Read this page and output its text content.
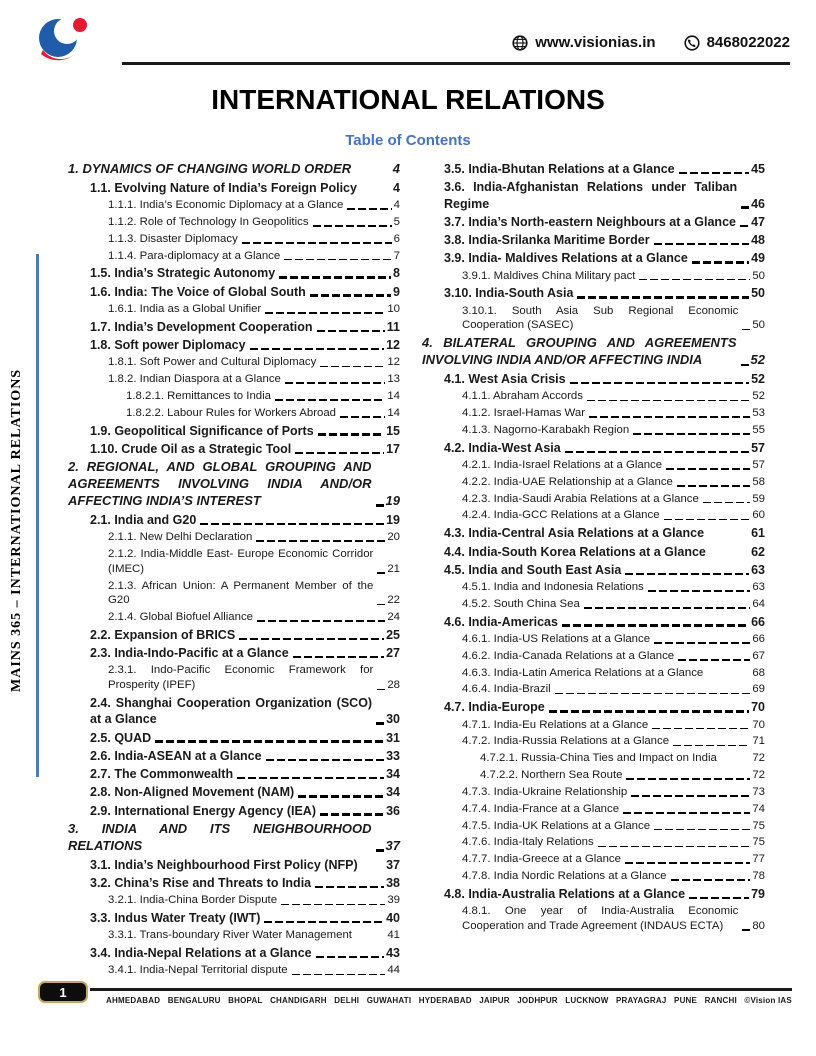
www.visionias.in	8468022022
INTERNATIONAL RELATIONS
Table of Contents
MAINS 365 – INTERNATIONAL RELATIONS
1. DYNAMICS OF CHANGING WORLD ORDER	4
1.1. Evolving Nature of India’s Foreign Policy	4
1.1.1. India’s Economic Diplomacy at a Glance	4
1.1.2. Role of Technology In Geopolitics	5
1.1.3. Disaster Diplomacy	6
1.1.4. Para-diplomacy at a Glance	7
1.5. India’s Strategic Autonomy	8
1.6. India: The Voice of Global South	9
1.6.1. India as a Global Unifier	10
1.7. India’s Development Cooperation	11
1.8. Soft power Diplomacy	12
1.8.1. Soft Power and Cultural Diplomacy	12
1.8.2. Indian Diaspora at a Glance	13
1.8.2.1. Remittances to India	14
1.8.2.2. Labour Rules for Workers Abroad	14
1.9. Geopolitical Significance of Ports	15
1.10. Crude Oil as a Strategic Tool	17
2. REGIONAL, AND GLOBAL GROUPING AND AGREEMENTS INVOLVING INDIA AND/OR AFFECTING INDIA’S INTEREST	19
2.1. India and G20	19
2.1.1. New Delhi Declaration	20
2.1.2. India-Middle East- Europe Economic Corridor (IMEC)	21
2.1.3. African Union: A Permanent Member of the G20	22
2.1.4. Global Biofuel Alliance	24
2.2. Expansion of BRICS	25
2.3. India-Indo-Pacific at a Glance	27
2.3.1. Indo-Pacific Economic Framework for Prosperity (IPEF)	28
2.4. Shanghai Cooperation Organization (SCO) at a Glance	30
2.5. QUAD	31
2.6. India-ASEAN at a Glance	33
2.7. The Commonwealth	34
2.8. Non-Aligned Movement (NAM)	34
2.9. International Energy Agency (IEA)	36
3. INDIA AND ITS NEIGHBOURHOOD RELATIONS	37
3.1. India’s Neighbourhood First Policy (NFP) 37
3.2. China’s Rise and Threats to India	38
3.2.1. India-China Border Dispute	39
3.3. Indus Water Treaty (IWT)	40
3.3.1. Trans-boundary River Water Management	41
3.4. India-Nepal Relations at a Glance	43
3.4.1. India-Nepal Territorial dispute	44
3.5. India-Bhutan Relations at a Glance	45
3.6. India-Afghanistan Relations under Taliban Regime	46
3.7. India’s North-eastern Neighbours at a Glance 47
3.8. India-Srilanka Maritime Border	48
3.9. India- Maldives Relations at a Glance	49
3.9.1. Maldives China Military pact	50
3.10. India-South Asia	50
3.10.1. South Asia Sub Regional Economic Cooperation (SASEC)	50
4. BILATERAL GROUPING AND AGREEMENTS INVOLVING INDIA AND/OR AFFECTING INDIA	52
4.1. West Asia Crisis	52
4.1.1. Abraham Accords	52
4.1.2. Israel-Hamas War	53
4.1.3. Nagorno-Karabakh Region	55
4.2. India-West Asia	57
4.2.1. India-Israel Relations at a Glance	57
4.2.2. India-UAE Relationship at a Glance	58
4.2.3. India-Saudi Arabia Relations at a Glance	59
4.2.4. India-GCC Relations at a Glance	60
4.3. India-Central Asia Relations at a Glance	61
4.4. India-South Korea Relations at a Glance	62
4.5. India and South East Asia	63
4.5.1. India and Indonesia Relations	63
4.5.2. South China Sea	64
4.6. India-Americas	66
4.6.1. India-US Relations at a Glance	66
4.6.2. India-Canada Relations at a Glance	67
4.6.3. India-Latin America Relations at a Glance	68
4.6.4. India-Brazil	69
4.7. India-Europe	70
4.7.1. India-Eu Relations at a Glance	70
4.7.2. India-Russia Relations at a Glance	71
4.7.2.1. Russia-China Ties and Impact on India	72
4.7.2.2. Northern Sea Route	72
4.7.3. India-Ukraine Relationship	73
4.7.4. India-France at a Glance	74
4.7.5. India-UK Relations at a Glance	75
4.7.6. India-Italy Relations	75
4.7.7. India-Greece at a Glance	77
4.7.8. India Nordic Relations at a Glance	78
4.8. India-Australia Relations at a Glance	79
4.8.1. One year of India-Australia Economic Cooperation and Trade Agreement (INDAUS ECTA)	80
1
AHMEDABAD BENGALURU BHOPAL CHANDIGARH DELHI GUWAHATI HYDERABAD JAIPUR JODHPUR LUCKNOW PRAYAGRAJ PUNE RANCHI ©Vision IAS
